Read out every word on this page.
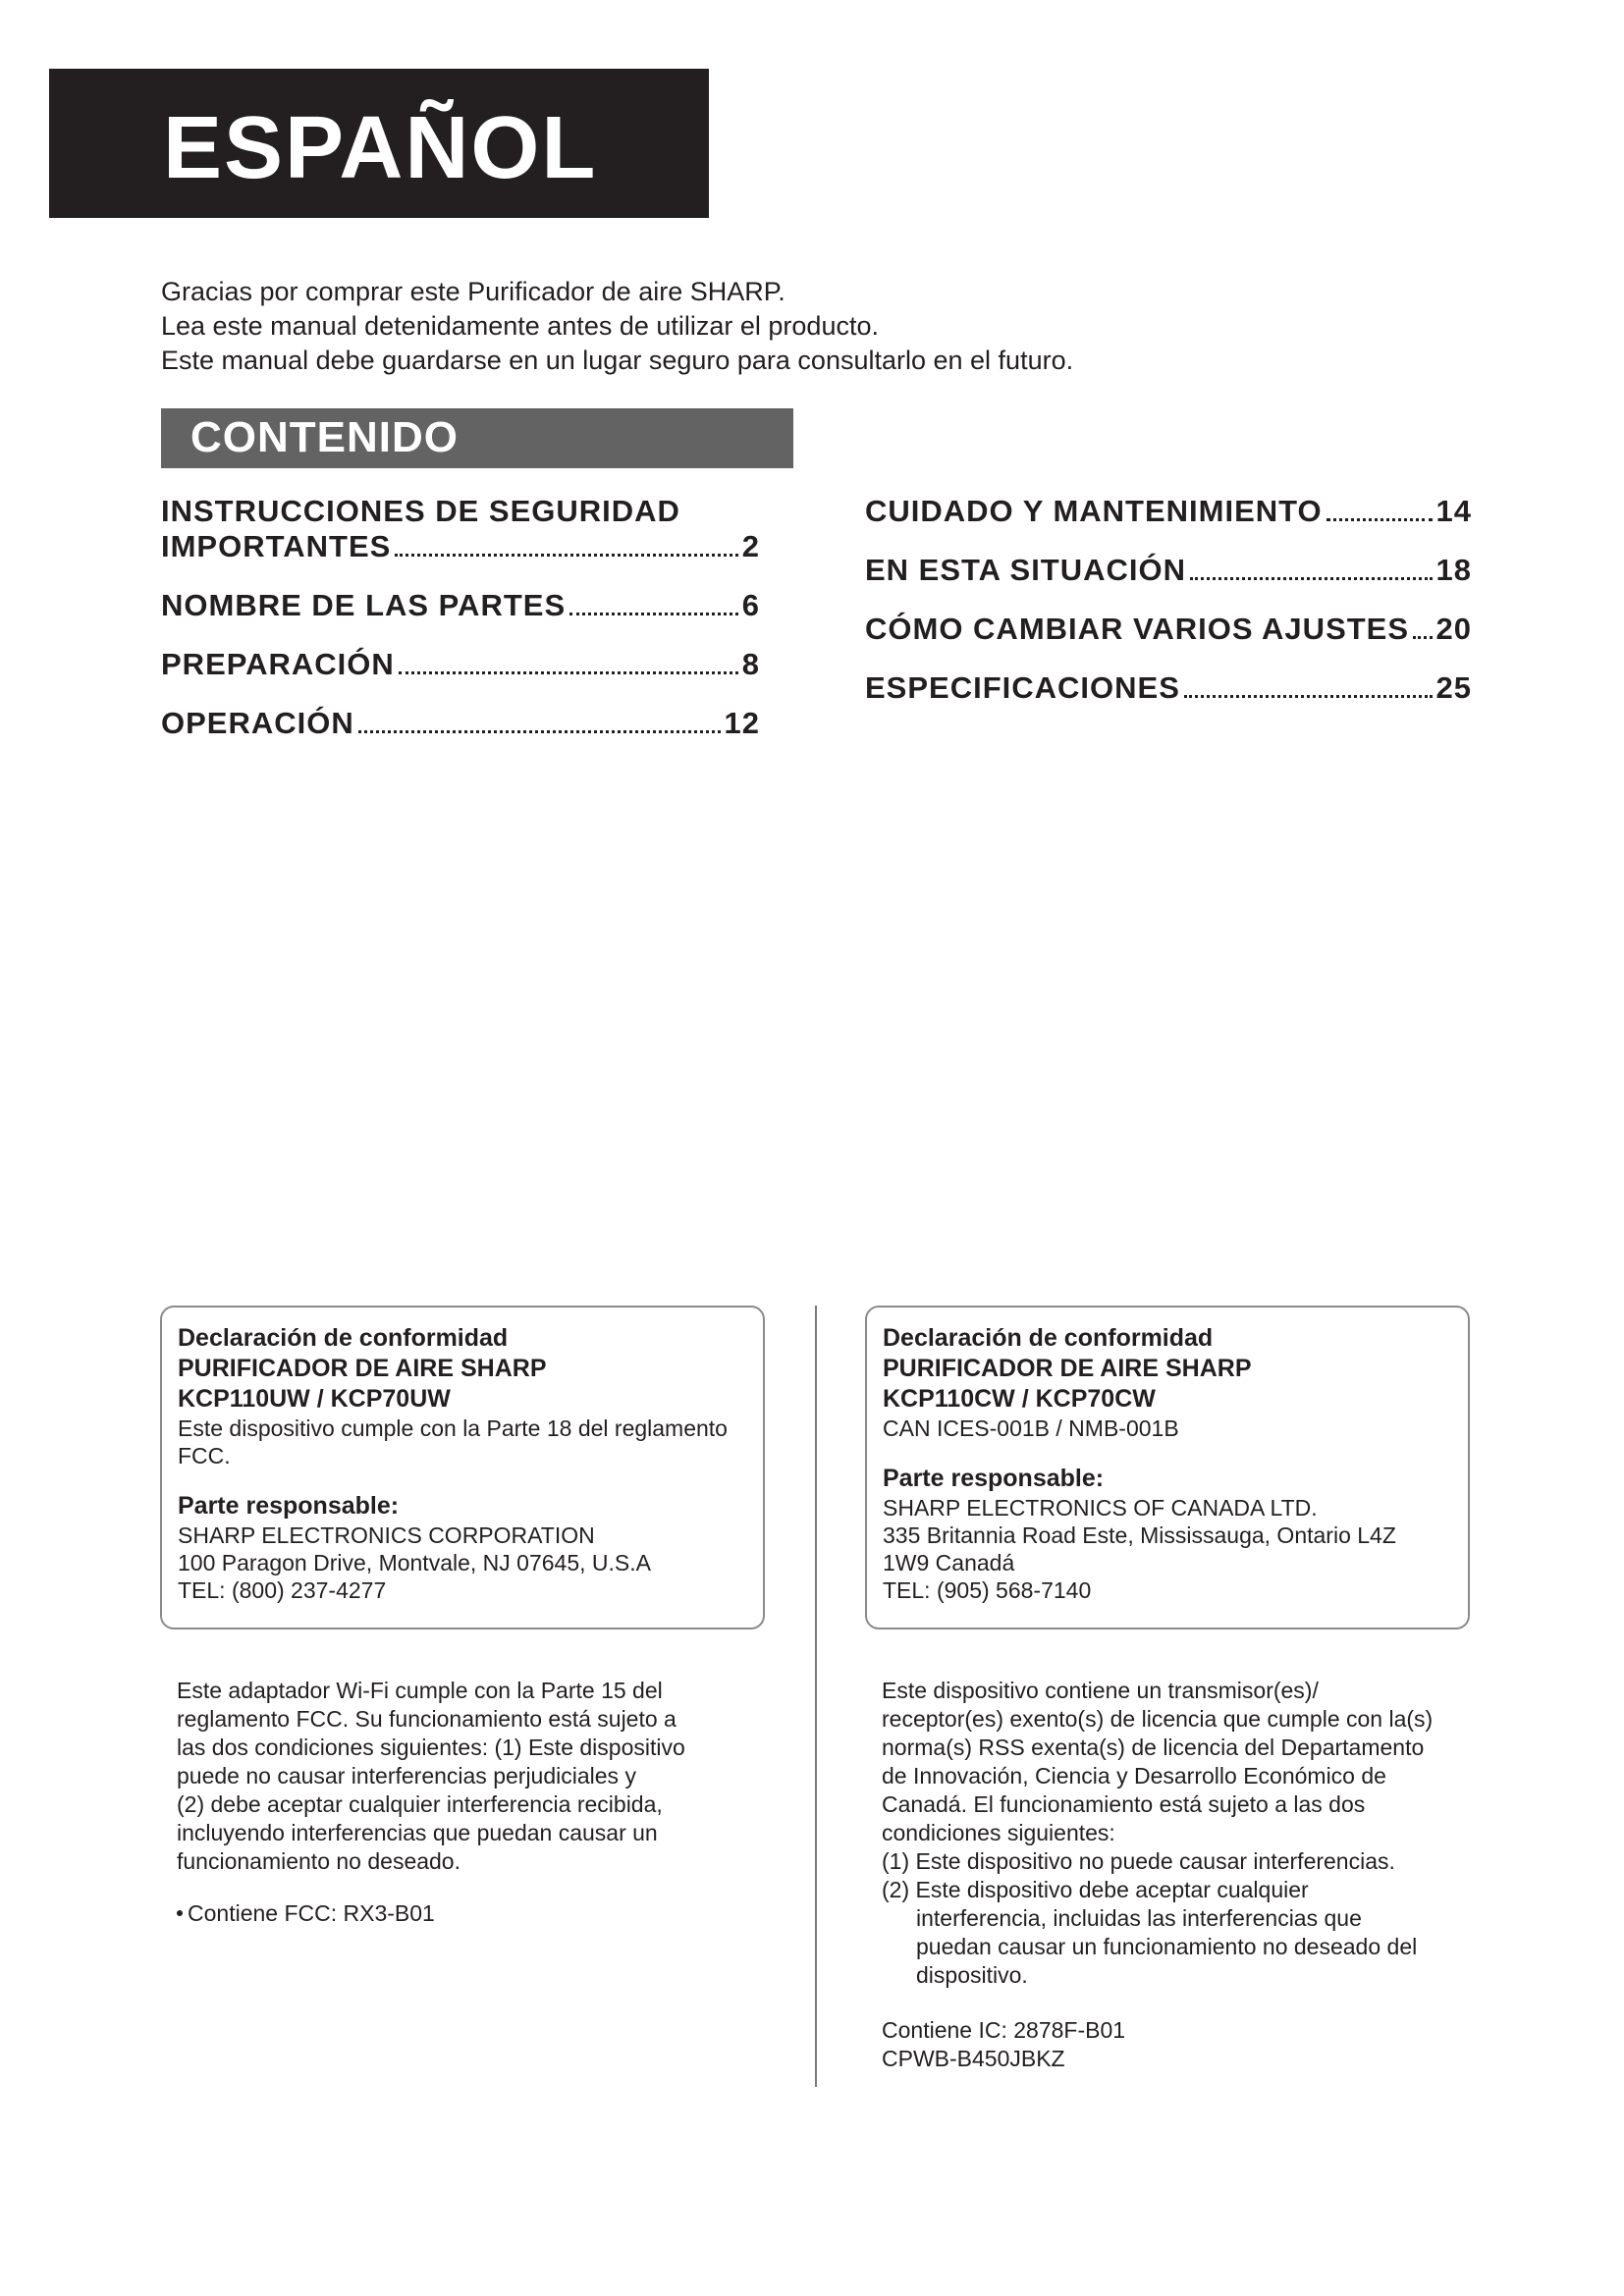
ESPAÑOL
Gracias por comprar este Purificador de aire SHARP.
Lea este manual detenidamente antes de utilizar el producto.
Este manual debe guardarse en un lugar seguro para consultarlo en el futuro.
CONTENIDO
INSTRUCCIONES DE SEGURIDAD
IMPORTANTES	2
NOMBRE DE LAS PARTES	6
PREPARACIÓN	8
OPERACIÓN	12
CUIDADO Y MANTENIMIENTO	14
EN ESTA SITUACIÓN	18
CÓMO CAMBIAR VARIOS AJUSTES 20
ESPECIFICACIONES	25
Declaración de conformidad
PURIFICADOR DE AIRE SHARP
KCP110UW / KCP70UW
Este dispositivo cumple con la Parte 18 del reglamento
FCC.
Parte responsable:
SHARP ELECTRONICS CORPORATION
100 Paragon Drive, Montvale, NJ 07645, U.S.A
TEL: (800) 237-4277
Declaración de conformidad
PURIFICADOR DE AIRE SHARP
KCP110CW / KCP70CW
CAN ICES-001B / NMB-001B
Parte responsable:
SHARP ELECTRONICS OF CANADA LTD.
335 Britannia Road Este, Mississauga, Ontario L4Z
1W9 Canadá
TEL: (905) 568-7140
Este adaptador Wi-Fi cumple con la Parte 15 del
reglamento FCC. Su funcionamiento está sujeto a
las dos condiciones siguientes: (1) Este dispositivo
puede no causar interferencias perjudiciales y
(2) debe aceptar cualquier interferencia recibida,
incluyendo interferencias que puedan causar un
funcionamiento no deseado.
Contiene FCC: RX3-B01
Este dispositivo contiene un transmisor(es)/
receptor(es) exento(s) de licencia que cumple con la(s)
norma(s) RSS exenta(s) de licencia del Departamento
de Innovación, Ciencia y Desarrollo Económico de
Canadá. El funcionamiento está sujeto a las dos
condiciones siguientes:
(1) Este dispositivo no puede causar interferencias.
(2) Este dispositivo debe aceptar cualquier
interferencia, incluidas las interferencias que
puedan causar un funcionamiento no deseado del
dispositivo.
Contiene IC: 2878F-B01
CPWB-B450JBKZ
